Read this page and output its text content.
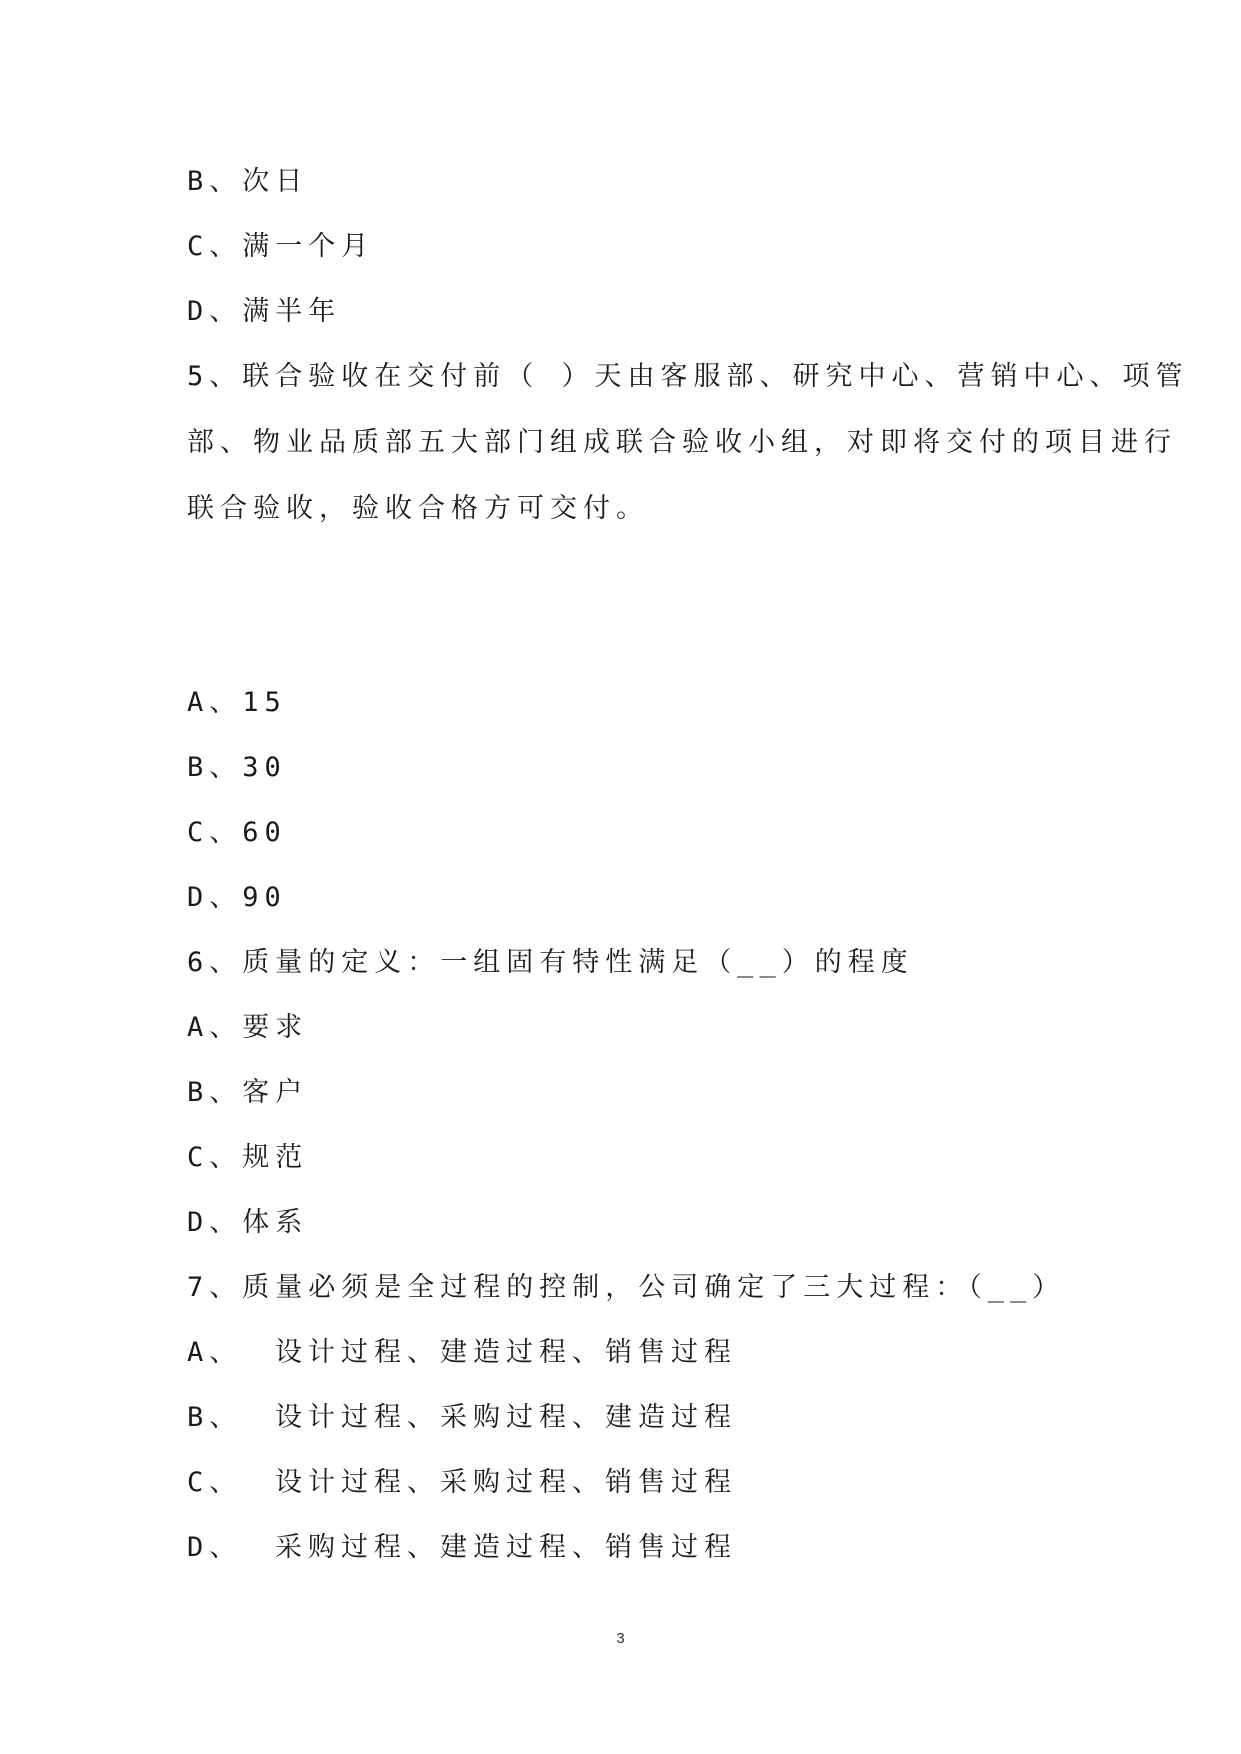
B、次日
C、满一个月
D、满半年
5、联合验收在交付前（ ）天由客服部、研究中心、营销中心、项管
部、物业品质部五大部门组成联合验收小组，对即将交付的项目进行
联合验收，验收合格方可交付。
A、15
B、30
C、60
D、90
6、质量的定义：一组固有特性满足（__）的程度
A、要求
B、客户
C、规范
D、体系
7、质量必须是全过程的控制，公司确定了三大过程：（__）
A、 设计过程、建造过程、销售过程
B、 设计过程、采购过程、建造过程
C、 设计过程、采购过程、销售过程
D、 采购过程、建造过程、销售过程
3
